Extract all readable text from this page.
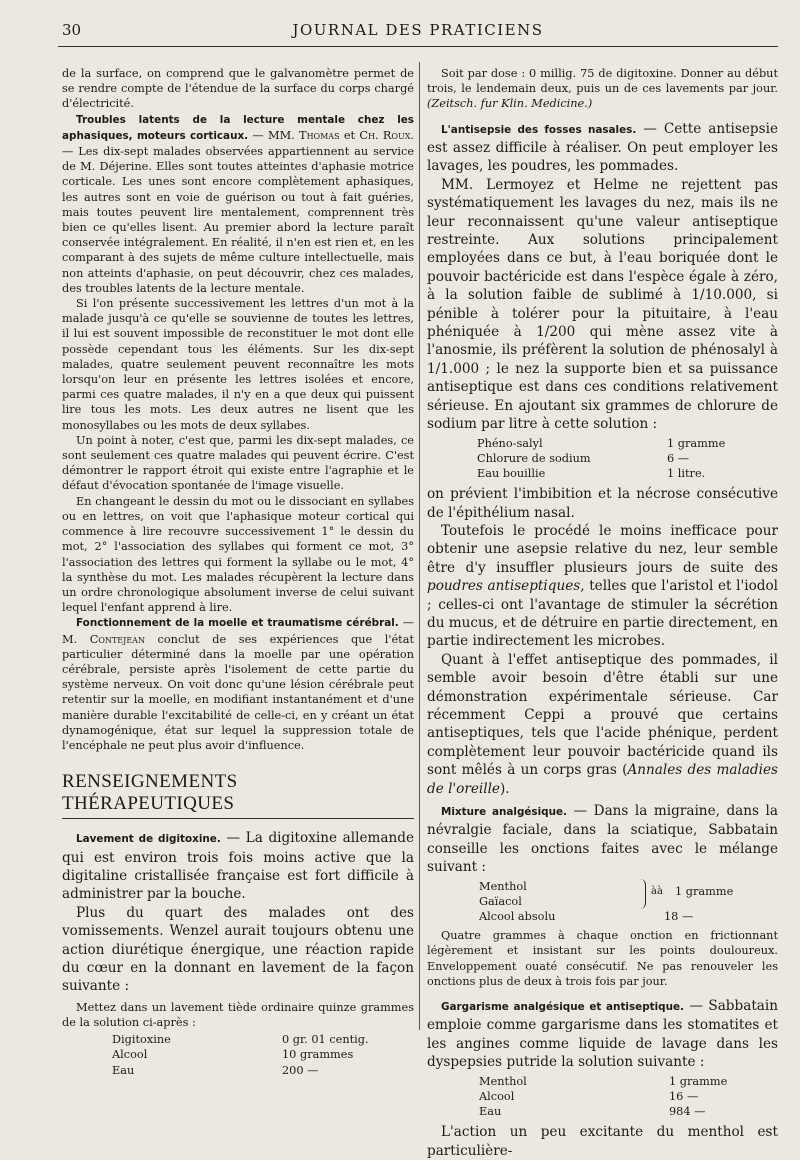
30	JOURNAL DES PRATICIENS

de la surface, on comprend que le galvanomètre permet de se rendre compte de l'étendue de la surface du corps chargé d'électricité.

Troubles latents de la lecture mentale chez les aphasiques, moteurs corticaux. — MM. Thomas et Ch. Roux. — Les dix-sept malades observées appartiennent au service de M. Déjerine. Elles sont toutes atteintes d'aphasie motrice corticale. Les unes sont encore complètement aphasiques, les autres sont en voie de guérison ou tout à fait guéries, mais toutes peuvent lire mentalement, comprennent très bien ce qu'elles lisent. Au premier abord la lecture paraît conservée intégralement. En réalité, il n'en est rien et, en les comparant à des sujets de même culture intellectuelle, mais non atteints d'aphasie, on peut découvrir, chez ces malades, des troubles latents de la lecture mentale.

Si l'on présente successivement les lettres d'un mot à la malade jusqu'à ce qu'elle se souvienne de toutes les lettres, il lui est souvent impossible de reconstituer le mot dont elle possède cependant tous les éléments. Sur les dix-sept malades, quatre seulement peuvent reconnaître les mots lorsqu'on leur en présente les lettres isolées et encore, parmi ces quatre malades, il n'y en a que deux qui puissent lire tous les mots. Les deux autres ne lisent que les monosyllabes ou les mots de deux syllabes.

Un point à noter, c'est que, parmi les dix-sept malades, ce sont seulement ces quatre malades qui peuvent écrire. C'est démontrer le rapport étroit qui existe entre l'agraphie et le défaut d'évocation spontanée de l'image visuelle.

En changeant le dessin du mot ou le dissociant en syllabes ou en lettres, on voit que l'aphasique moteur cortical qui commence à lire recouvre successivement 1° le dessin du mot, 2° l'association des syllabes qui forment ce mot, 3° l'association des lettres qui forment la syllabe ou le mot, 4° la synthèse du mot. Les malades récupèrent la lecture dans un ordre chronologique absolument inverse de celui suivant lequel l'enfant apprend à lire.

Fonctionnement de la moelle et traumatisme cérébral. — M. Contejean conclut de ses expériences que l'état particulier déterminé dans la moelle par une opération cérébrale, persiste après l'isolement de cette partie du système nerveux. On voit donc qu'une lésion cérébrale peut retentir sur la moelle, en modifiant instantanément et d'une manière durable l'excitabilité de celle-ci, en y créant un état dynamogénique, état sur lequel la suppression totale de l'encéphale ne peut plus avoir d'influence.

RENSEIGNEMENTS THÉRAPEUTIQUES

Lavement de digitoxine. — La digitoxine allemande qui est environ trois fois moins active que la digitaline cristallisée française est fort difficile à administrer par la bouche.

Plus du quart des malades ont des vomissements. Wenzel aurait toujours obtenu une action diurétique énergique, une réaction rapide du cœur en la donnant en lavement de la façon suivante :

Mettez dans un lavement tiède ordinaire quinze grammes de la solution ci-après :

Digitoxine	0 gr. 01 centig.
Alcool	10 grammes
Eau	200 —

Soit par dose : 0 millig. 75 de digitoxine. Donner au début trois, le lendemain deux, puis un de ces lavements par jour. (Zeitsch. fur Klin. Medicine.)

L'antisepsie des fosses nasales. — Cette antisepsie est assez difficile à réaliser. On peut employer les lavages, les poudres, les pommades.

MM. Lermoyez et Helme ne rejettent pas systématiquement les lavages du nez, mais ils ne leur reconnaissent qu'une valeur antiseptique restreinte. Aux solutions principalement employées dans ce but, à l'eau boriquée dont le pouvoir bactéricide est dans l'espèce égale à zéro, à la solution faible de sublimé à 1/10.000, si pénible à tolérer pour la pituitaire, à l'eau phéniquée à 1/200 qui mène assez vite à l'anosmie, ils préfèrent la solution de phénosalyl à 1/1.000 ; le nez la supporte bien et sa puissance antiseptique est dans ces conditions relativement sérieuse. En ajoutant six grammes de chlorure de sodium par litre à cette solution :

Phéno-salyl	1 gramme
Chlorure de sodium	6 —
Eau bouillie	1 litre.

on prévient l'imbibition et la nécrose consécutive de l'épithélium nasal.

Toutefois le procédé le moins inefficace pour obtenir une asepsie relative du nez, leur semble être d'y insuffler plusieurs jours de suite des poudres antiseptiques, telles que l'aristol et l'iodol ; celles-ci ont l'avantage de stimuler la sécrétion du mucus, et de détruire en partie directement, en partie indirectement les microbes.

Quant à l'effet antiseptique des pommades, il semble avoir besoin d'être établi sur une démonstration expérimentale sérieuse. Car récemment Ceppi a prouvé que certains antiseptiques, tels que l'acide phénique, perdent complètement leur pouvoir bactéricide quand ils sont mêlés à un corps gras (Annales des maladies de l'oreille).

Mixture analgésique. — Dans la migraine, dans la névralgie faciale, dans la sciatique, Sabbatain conseille les onctions faites avec le mélange suivant :

Menthol
Gaïacol
àà 1 gramme
Alcool absolu	18 —

Quatre grammes à chaque onction en frictionnant légèrement et insistant sur les points douloureux. Enveloppement ouaté consécutif. Ne pas renouveler les onctions plus de deux à trois fois par jour.

Gargarisme analgésique et antiseptique. — Sabbatain emploie comme gargarisme dans les stomatites et les angines comme liquide de lavage dans les dyspepsies putride la solution suivante :

Menthol	1 gramme
Alcool	16 —
Eau	984 —

L'action un peu excitante du menthol est particulière-
